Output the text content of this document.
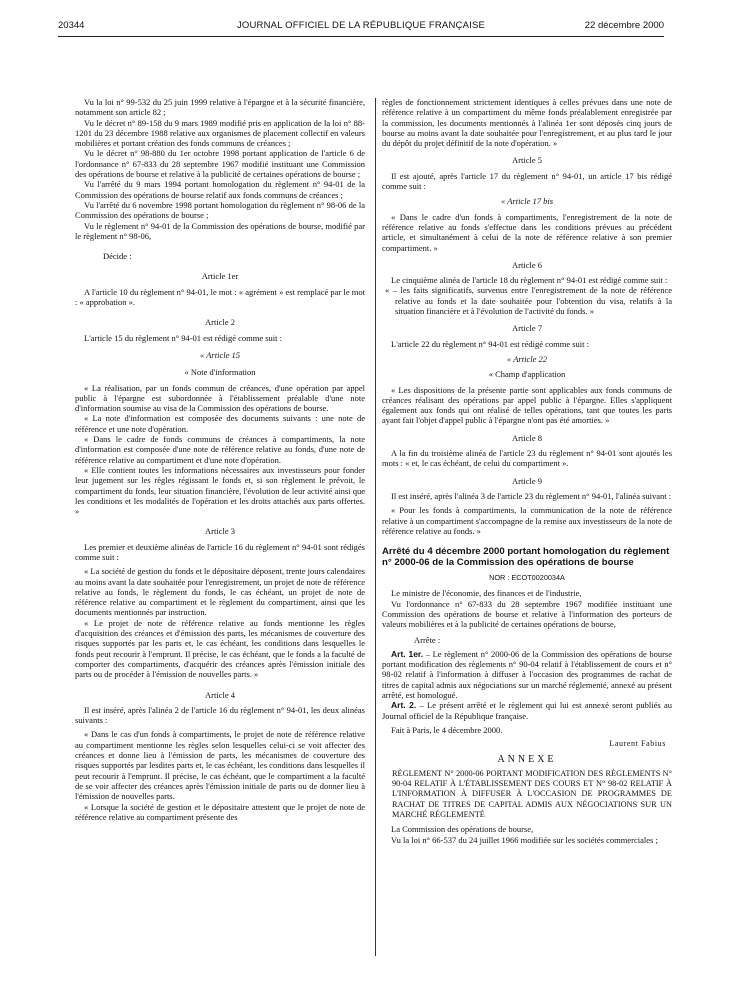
20344	JOURNAL OFFICIEL DE LA RÉPUBLIQUE FRANÇAISE	22 décembre 2000

Vu la loi n° 99-532 du 25 juin 1999 relative à l'épargne et à la sécurité financière, notamment son article 82 ;

Vu le décret n° 89-158 du 9 mars 1989 modifié pris en application de la loi n° 88-1201 du 23 décembre 1988 relative aux organismes de placement collectif en valeurs mobilières et portant création des fonds communs de créances ;

Vu le décret n° 98-880 du 1er octobre 1998 portant application de l'article 6 de l'ordonnance n° 67-833 du 28 septembre 1967 modifié instituant une Commission des opérations de bourse et relative à la publicité de certaines opérations de bourse ;

Vu l'arrêté du 9 mars 1994 portant homologation du règlement n° 94-01 de la Commission des opérations de bourse relatif aux fonds communs de créances ;

Vu l'arrêté du 6 novembre 1998 portant homologation du règlement n° 98-06 de la Commission des opérations de bourse ;

Vu le règlement n° 94-01 de la Commission des opérations de bourse, modifié par le règlement n° 98-06,

Décide :

Article 1er

A l'article 10 du règlement n° 94-01, le mot : « agrément » est remplacé par le mot : « approbation ».

Article 2

L'article 15 du règlement n° 94-01 est rédigé comme suit :

« Article 15

« Note d'information

« La réalisation, par un fonds commun de créances, d'une opération par appel public à l'épargne est subordonnée à l'établissement préalable d'une note d'information soumise au visa de la Commission des opérations de bourse.

« La note d'information est composée des documents suivants : une note de référence et une note d'opération.

« Dans le cadre de fonds communs de créances à compartiments, la note d'information est composée d'une note de référence relative au fonds, d'une note de référence relative au compartiment et d'une note d'opération.

« Elle contient toutes les informations nécessaires aux investisseurs pour fonder leur jugement sur les règles régissant le fonds et, si son règlement le prévoit, le compartiment du fonds, leur situation financière, l'évolution de leur activité ainsi que les conditions et les modalités de l'opération et les droits attachés aux parts offertes. »

Article 3

Les premier et deuxième alinéas de l'article 16 du règlement n° 94-01 sont rédigés comme suit :

« La société de gestion du fonds et le dépositaire déposent, trente jours calendaires au moins avant la date souhaitée pour l'enregistrement, un projet de note de référence relative au fonds, le règlement du fonds, le cas échéant, un projet de note de référence relative au compartiment et le règlement du compartiment, ainsi que les documents mentionnés par instruction.

« Le projet de note de référence relative au fonds mentionne les règles d'acquisition des créances et d'émission des parts, les mécanismes de couverture des risques supportés par les parts et, le cas échéant, les conditions dans lesquelles le fonds peut recourir à l'emprunt. Il précise, le cas échéant, que le fonds a la faculté de comporter des compartiments, d'acquérir des créances après l'émission initiale des parts ou de procéder à l'émission de nouvelles parts. »

Article 4

Il est inséré, après l'alinéa 2 de l'article 16 du règlement n° 94-01, les deux alinéas suivants :

« Dans le cas d'un fonds à compartiments, le projet de note de référence relative au compartiment mentionne les règles selon lesquelles celui-ci se voit affecter des créances et donne lieu à l'émission de parts, les mécanismes de couverture des risques supportés par lesdites parts et, le cas échéant, les conditions dans lesquelles il peut recourir à l'emprunt. Il précise, le cas échéant, que le compartiment a la faculté de se voir affecter des créances après l'émission initiale de parts ou de donner lieu à l'émission de nouvelles parts.

« Lorsque la société de gestion et le dépositaire attestent que le projet de note de référence relative au compartiment présente des

règles de fonctionnement strictement identiques à celles prévues dans une note de référence relative à un compartiment du même fonds préalablement enregistrée par la commission, les documents mentionnés à l'alinéa 1er sont déposés cinq jours de bourse au moins avant la date souhaitée pour l'enregistrement, et au plus tard le jour du dépôt du projet définitif de la note d'opération. »

Article 5

Il est ajouté, après l'article 17 du règlement n° 94-01, un article 17 bis rédigé comme suit :

« Article 17 bis

« Dans le cadre d'un fonds à compartiments, l'enregistrement de la note de référence relative au fonds s'effectue dans les conditions prévues au précédent article, et simultanément à celui de la note de référence relative à son premier compartiment. »

Article 6

Le cinquième alinéa de l'article 18 du règlement n° 94-01 est rédigé comme suit :

« – les faits significatifs, survenus entre l'enregistrement de la note de référence relative au fonds et la date souhaitée pour l'obtention du visa, relatifs à la situation financière et à l'évolution de l'activité du fonds. »

Article 7

L'article 22 du règlement n° 94-01 est rédigé comme suit :

« Article 22

« Champ d'application

« Les dispositions de la présente partie sont applicables aux fonds communs de créances réalisant des opérations par appel public à l'épargne. Elles s'appliquent également aux fonds qui ont réalisé de telles opérations, tant que toutes les parts ayant fait l'objet d'appel public à l'épargne n'ont pas été amorties. »

Article 8

A la fin du troisième alinéa de l'article 23 du règlement n° 94-01 sont ajoutés les mots : « et, le cas échéant, de celui du compartiment ».

Article 9

Il est inséré, après l'alinéa 3 de l'article 23 du règlement n° 94-01, l'alinéa suivant :

« Pour les fonds à compartiments, la communication de la note de référence relative à un compartiment s'accompagne de la remise aux investisseurs de la note de référence relative au fonds. »

Arrêté du 4 décembre 2000 portant homologation du règlement n° 2000-06 de la Commission des opérations de bourse

NOR : ECOT0020034A

Le ministre de l'économie, des finances et de l'industrie,

Vu l'ordonnance n° 67-833 du 28 septembre 1967 modifiée instituant une Commission des opérations de bourse et relative à l'information des porteurs de valeurs mobilières et à la publicité de certaines opérations de bourse,

Arrête :

Art. 1er. – Le règlement n° 2000-06 de la Commission des opérations de bourse portant modification des règlements n° 90-04 relatif à l'établissement de cours et n° 98-02 relatif à l'information à diffuser à l'occasion des programmes de rachat de titres de capital admis aux négociations sur un marché réglementé, annexé au présent arrêté, est homologué.

Art. 2. – Le présent arrêté et le règlement qui lui est annexé seront publiés au Journal officiel de la République française.

Fait à Paris, le 4 décembre 2000.

Laurent Fabius

ANNEXE

RÈGLEMENT N° 2000-06 PORTANT MODIFICATION DES RÈGLEMENTS N° 90-04 RELATIF À L'ÉTABLISSEMENT DES COURS ET N° 98-02 RELATIF À L'INFORMATION À DIFFUSER À L'OCCASION DE PROGRAMMES DE RACHAT DE TITRES DE CAPITAL ADMIS AUX NÉGOCIATIONS SUR UN MARCHÉ RÉGLEMENTÉ

La Commission des opérations de bourse,

Vu la loi n° 66-537 du 24 juillet 1966 modifiée sur les sociétés commerciales ;
